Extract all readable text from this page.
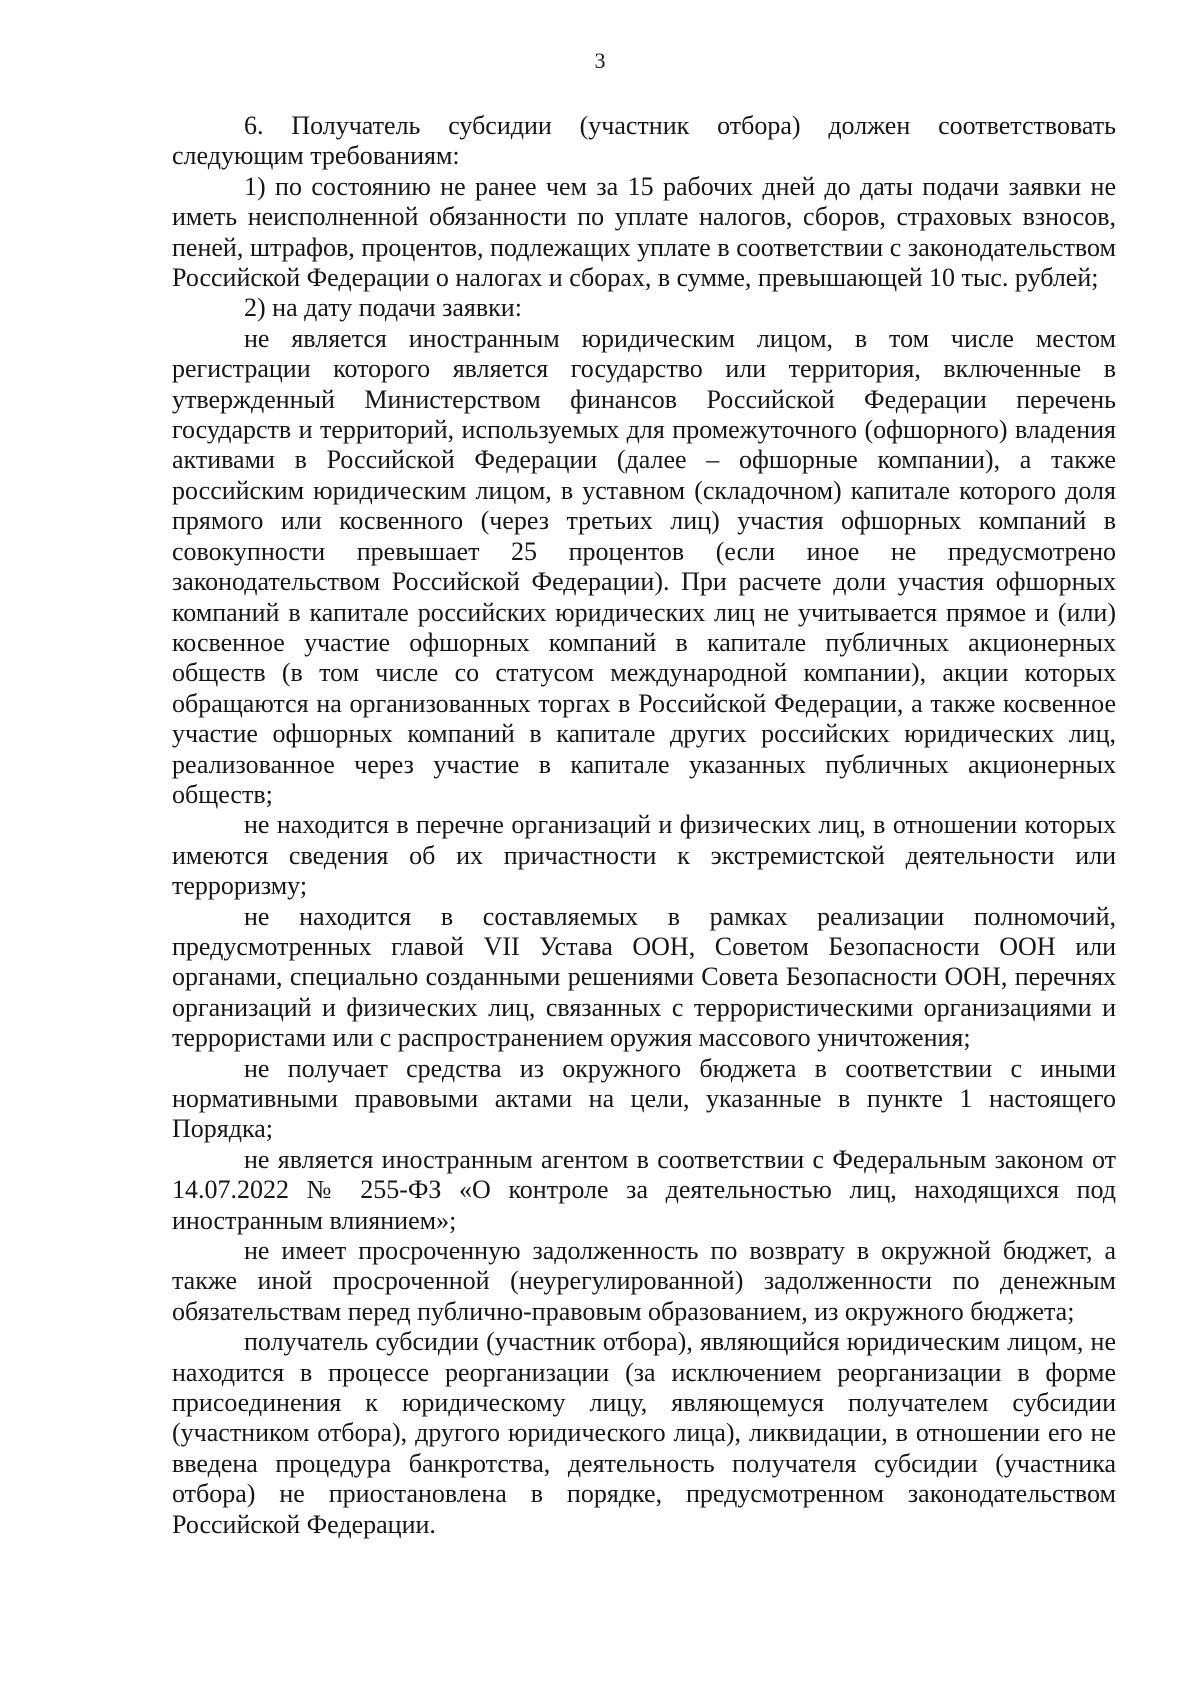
3

6. Получатель субсидии (участник отбора) должен соответствовать следующим требованиям:

1) по состоянию не ранее чем за 15 рабочих дней до даты подачи заявки не иметь неисполненной обязанности по уплате налогов, сборов, страховых взносов, пеней, штрафов, процентов, подлежащих уплате в соответствии с законодательством Российской Федерации о налогах и сборах, в сумме, превышающей 10 тыс. рублей;

2) на дату подачи заявки:

не является иностранным юридическим лицом, в том числе местом регистрации которого является государство или территория, включенные в утвержденный Министерством финансов Российской Федерации перечень государств и территорий, используемых для промежуточного (офшорного) владения активами в Российской Федерации (далее – офшорные компании), а также российским юридическим лицом, в уставном (складочном) капитале которого доля прямого или косвенного (через третьих лиц) участия офшорных компаний в совокупности превышает 25 процентов (если иное не предусмотрено законодательством Российской Федерации). При расчете доли участия офшорных компаний в капитале российских юридических лиц не учитывается прямое и (или) косвенное участие офшорных компаний в капитале публичных акционерных обществ (в том числе со статусом международной компании), акции которых обращаются на организованных торгах в Российской Федерации, а также косвенное участие офшорных компаний в капитале других российских юридических лиц, реализованное через участие в капитале указанных публичных акционерных обществ;

не находится в перечне организаций и физических лиц, в отношении которых имеются сведения об их причастности к экстремистской деятельности или терроризму;

не находится в составляемых в рамках реализации полномочий, предусмотренных главой VII Устава ООН, Советом Безопасности ООН или органами, специально созданными решениями Совета Безопасности ООН, перечнях организаций и физических лиц, связанных с террористическими организациями и террористами или с распространением оружия массового уничтожения;

не получает средства из окружного бюджета в соответствии с иными нормативными правовыми актами на цели, указанные в пункте 1 настоящего Порядка;

не является иностранным агентом в соответствии с Федеральным законом от 14.07.2022 № 255-ФЗ «О контроле за деятельностью лиц, находящихся под иностранным влиянием»;

не имеет просроченную задолженность по возврату в окружной бюджет, а также иной просроченной (неурегулированной) задолженности по денежным обязательствам перед публично-правовым образованием, из окружного бюджета;

получатель субсидии (участник отбора), являющийся юридическим лицом, не находится в процессе реорганизации (за исключением реорганизации в форме присоединения к юридическому лицу, являющемуся получателем субсидии (участником отбора), другого юридического лица), ликвидации, в отношении его не введена процедура банкротства, деятельность получателя субсидии (участника отбора) не приостановлена в порядке, предусмотренном законодательством Российской Федерации.
